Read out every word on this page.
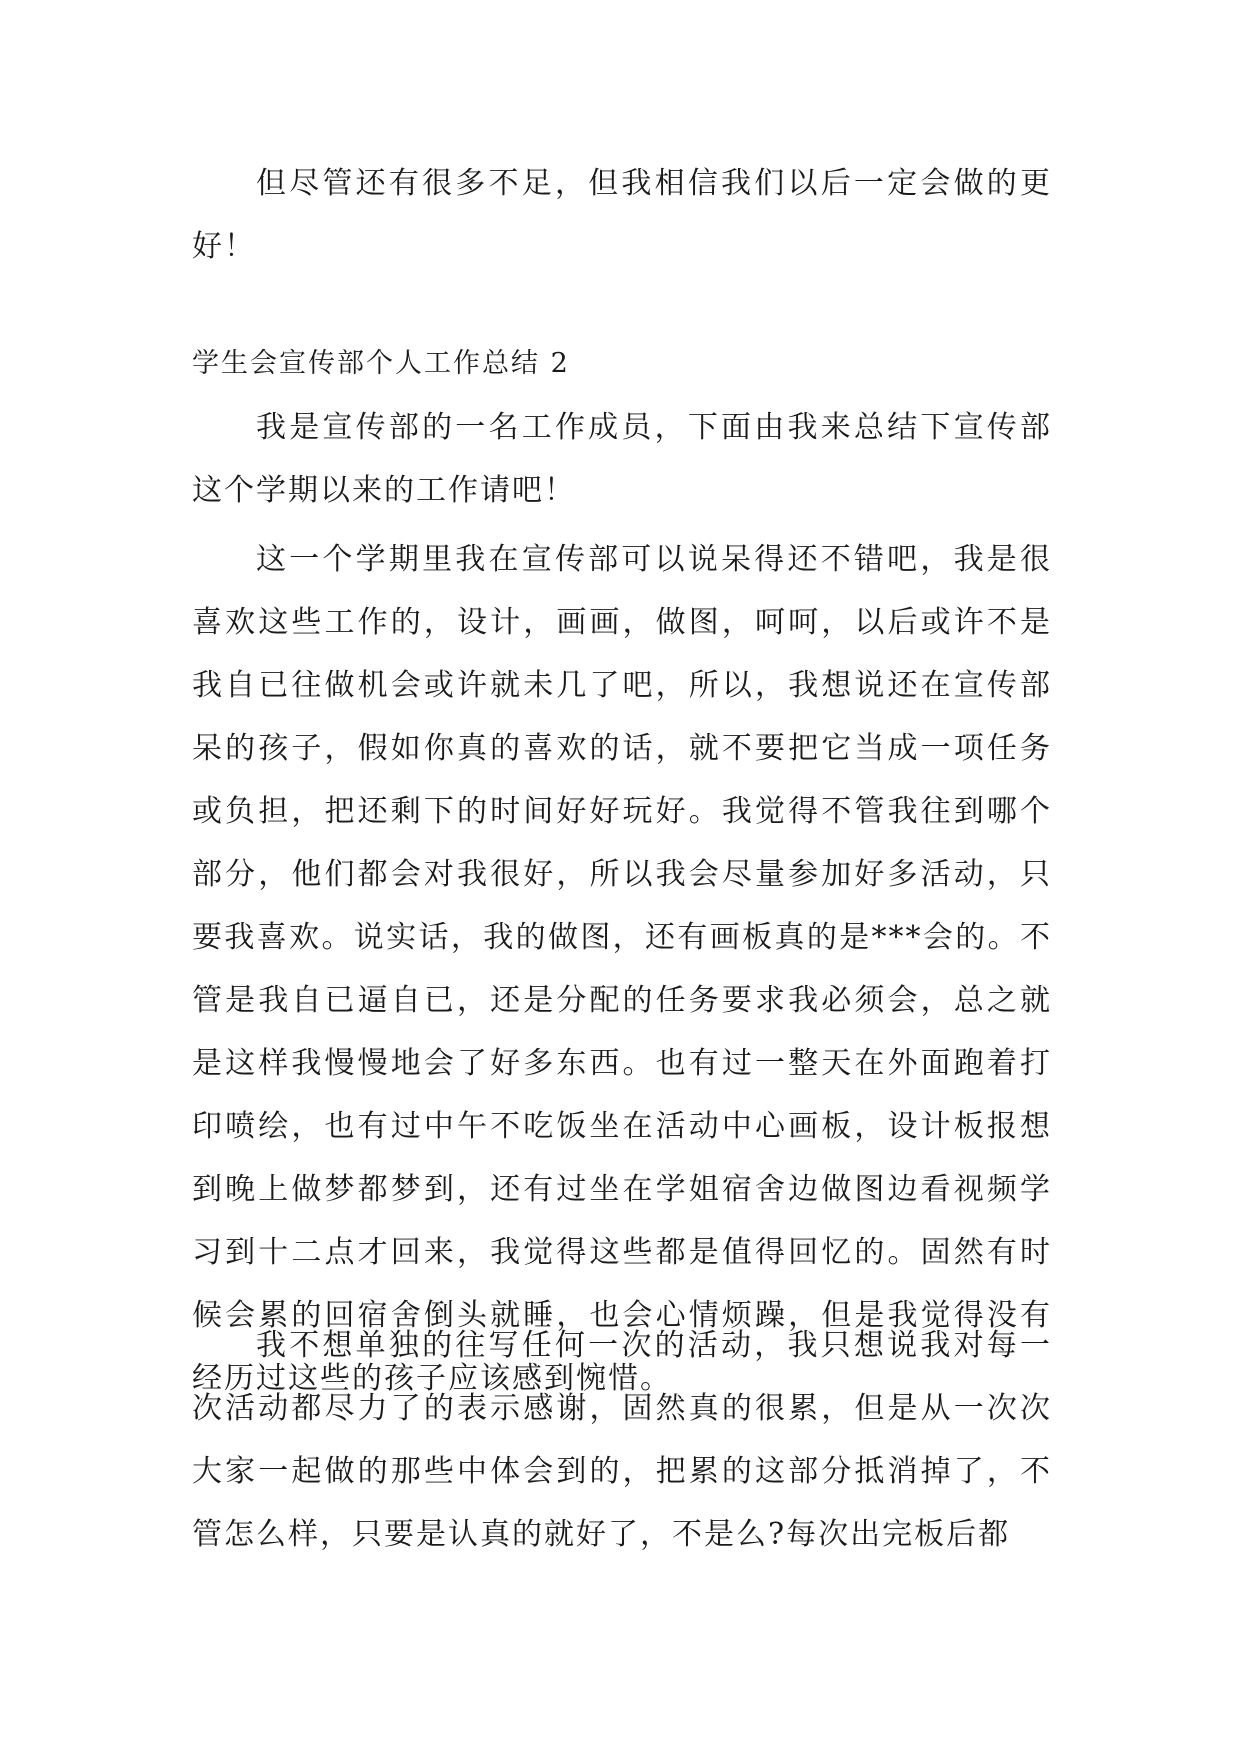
但尽管还有很多不足，但我相信我们以后一定会做的更好！

学生会宣传部个人工作总结 2

我是宣传部的一名工作成员，下面由我来总结下宣传部这个学期以来的工作请吧！

这一个学期里我在宣传部可以说呆得还不错吧，我是很喜欢这些工作的，设计，画画，做图，呵呵，以后或许不是我自已往做机会或许就未几了吧，所以，我想说还在宣传部呆的孩子，假如你真的喜欢的话，就不要把它当成一项任务或负担，把还剩下的时间好好玩好。我觉得不管我往到哪个部分，他们都会对我很好，所以我会尽量参加好多活动，只要我喜欢。说实话，我的做图，还有画板真的是***会的。不管是我自已逼自已，还是分配的任务要求我必须会，总之就是这样我慢慢地会了好多东西。也有过一整天在外面跑着打印喷绘，也有过中午不吃饭坐在活动中心画板，设计板报想到晚上做梦都梦到，还有过坐在学姐宿舍边做图边看视频学习到十二点才回来，我觉得这些都是值得回忆的。固然有时候会累的回宿舍倒头就睡，也会心情烦躁，但是我觉得没有经历过这些的孩子应该感到惋惜。

我不想单独的往写任何一次的活动，我只想说我对每一次活动都尽力了的表示感谢，固然真的很累，但是从一次次大家一起做的那些中体会到的，把累的这部分抵消掉了，不管怎么样，只要是认真的就好了，不是么?每次出完板后都
